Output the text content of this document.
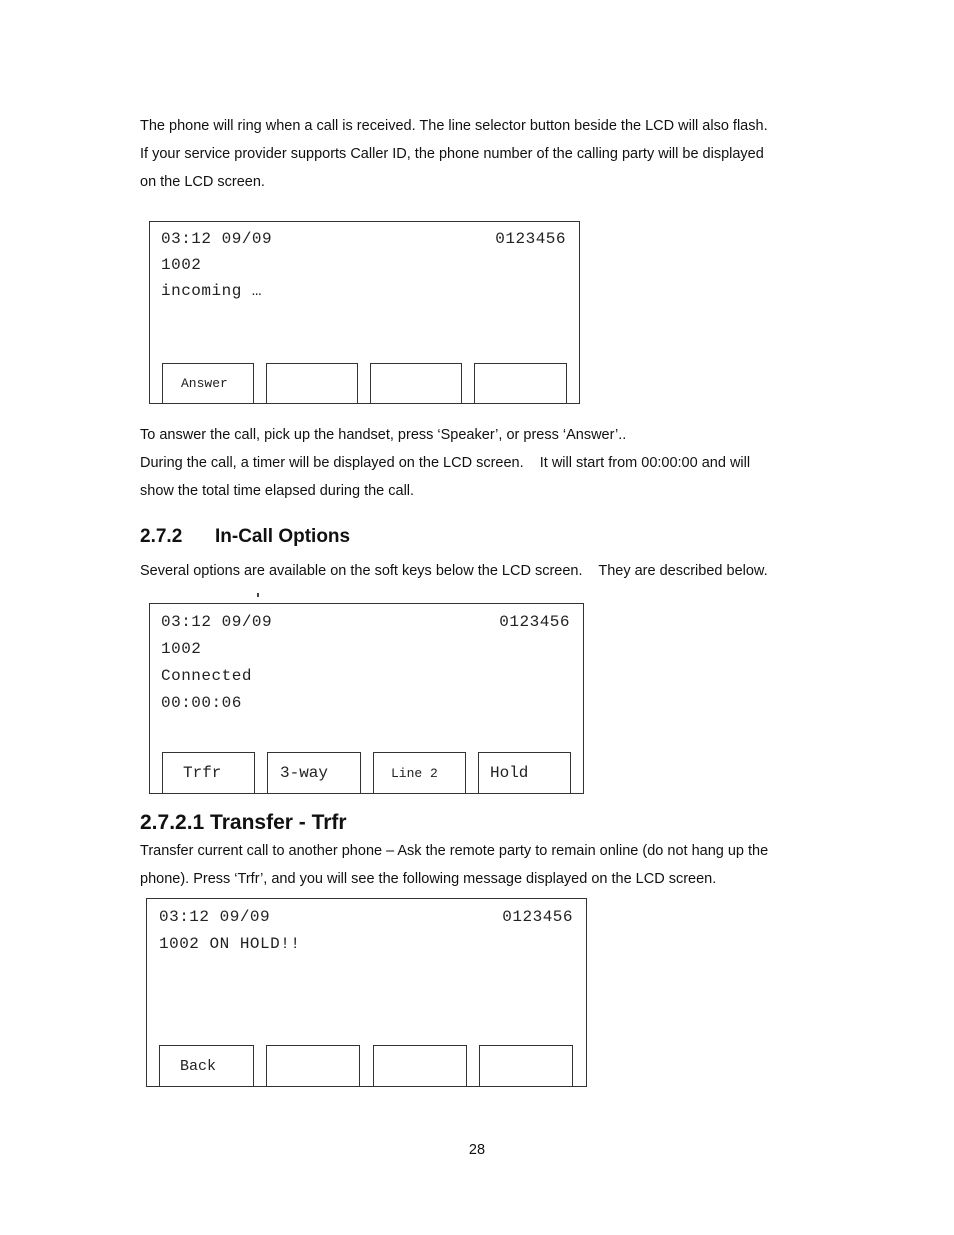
The phone will ring when a call is received. The line selector button beside the LCD will also flash.
If your service provider supports Caller ID, the phone number of the calling party will be displayed
on the LCD screen.

03:12 09/09	0123456
1002
incoming …
Answer

To answer the call, pick up the handset, press ‘Speaker’, or press ‘Answer’..
During the call, a timer will be displayed on the LCD screen.    It will start from 00:00:00 and will
show the total time elapsed during the call.

2.7.2 In-Call Options

Several options are available on the soft keys below the LCD screen.    They are described below.

03:12 09/09	0123456
1002
Connected
00:00:06
Trfr	3-way	Line 2	Hold
2.7.2.1 Transfer - Trfr

Transfer current call to another phone – Ask the remote party to remain online (do not hang up the
phone). Press ‘Trfr’, and you will see the following message displayed on the LCD screen.

03:12 09/09	0123456
1002 ON HOLD!!
Back
28
